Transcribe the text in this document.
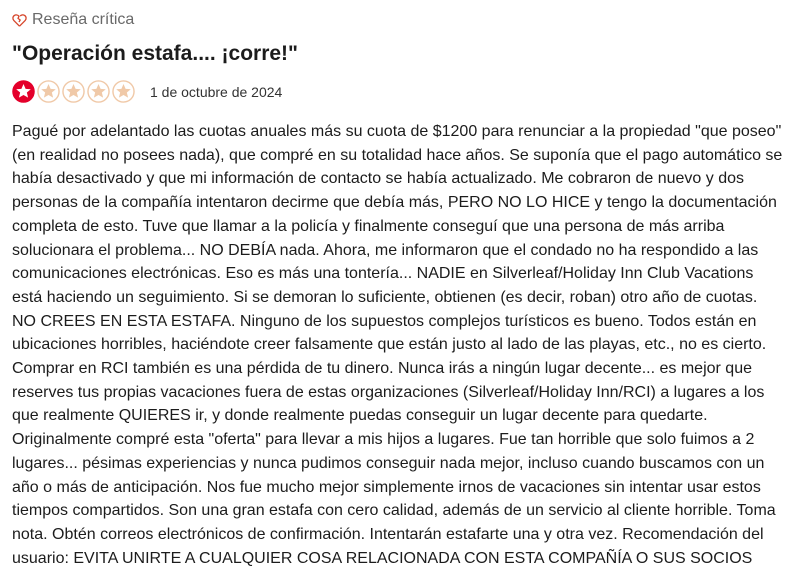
Reseña crítica
"Operación estafa.... ¡corre!"
1 de octubre de 2024
Pagué por adelantado las cuotas anuales más su cuota de $1200 para renunciar a la propiedad "que poseo"
(en realidad no posees nada), que compré en su totalidad hace años. Se suponía que el pago automático se
había desactivado y que mi información de contacto se había actualizado. Me cobraron de nuevo y dos
personas de la compañía intentaron decirme que debía más, PERO NO LO HICE y tengo la documentación
completa de esto. Tuve que llamar a la policía y finalmente conseguí que una persona de más arriba
solucionara el problema... NO DEBÍA nada. Ahora, me informaron que el condado no ha respondido a las
comunicaciones electrónicas. Eso es más una tontería... NADIE en Silverleaf/Holiday Inn Club Vacations
está haciendo un seguimiento. Si se demoran lo suficiente, obtienen (es decir, roban) otro año de cuotas.
NO CREES EN ESTA ESTAFA. Ninguno de los supuestos complejos turísticos es bueno. Todos están en
ubicaciones horribles, haciéndote creer falsamente que están justo al lado de las playas, etc., no es cierto.
Comprar en RCI también es una pérdida de tu dinero. Nunca irás a ningún lugar decente... es mejor que
reserves tus propias vacaciones fuera de estas organizaciones (Silverleaf/Holiday Inn/RCI) a lugares a los
que realmente QUIERES ir, y donde realmente puedas conseguir un lugar decente para quedarte.
Originalmente compré esta "oferta" para llevar a mis hijos a lugares. Fue tan horrible que solo fuimos a 2
lugares... pésimas experiencias y nunca pudimos conseguir nada mejor, incluso cuando buscamos con un
año o más de anticipación. Nos fue mucho mejor simplemente irnos de vacaciones sin intentar usar estos
tiempos compartidos. Son una gran estafa con cero calidad, además de un servicio al cliente horrible. Toma
nota. Obtén correos electrónicos de confirmación. Intentarán estafarte una y otra vez. Recomendación del
usuario: EVITA UNIRTE A CUALQUIER COSA RELACIONADA CON ESTA COMPAÑÍA O SUS SOCIOS
